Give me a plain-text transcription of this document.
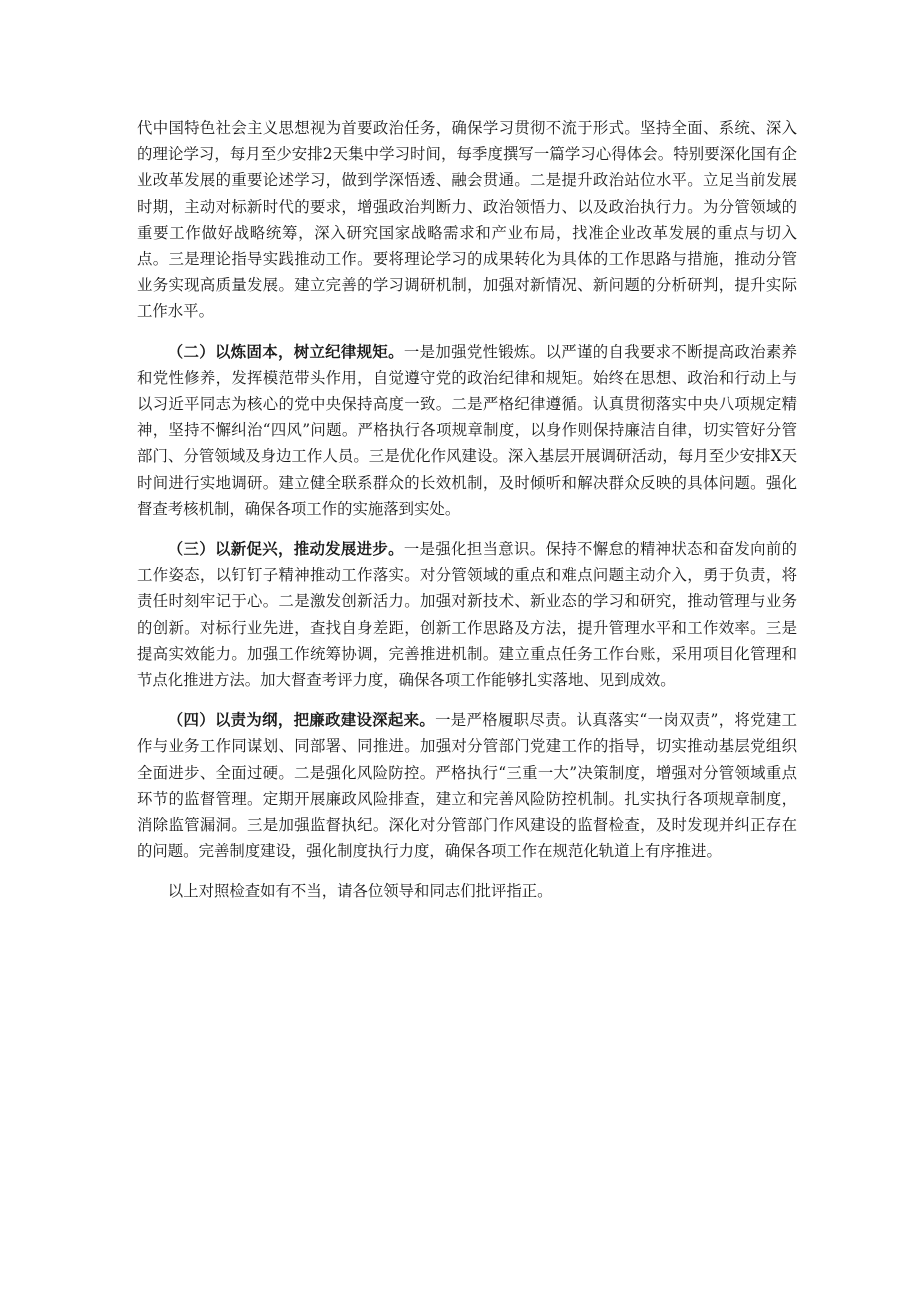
代中国特色社会主义思想视为首要政治任务，确保学习贯彻不流于形式。坚持全面、系统、深入的理论学习，每月至少安排2天集中学习时间，每季度撰写一篇学习心得体会。特别要深化国有企业改革发展的重要论述学习，做到学深悟透、融会贯通。二是提升政治站位水平。立足当前发展时期，主动对标新时代的要求，增强政治判断力、政治领悟力、以及政治执行力。为分管领域的重要工作做好战略统筹，深入研究国家战略需求和产业布局，找准企业改革发展的重点与切入点。三是理论指导实践推动工作。要将理论学习的成果转化为具体的工作思路与措施，推动分管业务实现高质量发展。建立完善的学习调研机制，加强对新情况、新问题的分析研判，提升实际工作水平。

（二）以炼固本，树立纪律规矩。一是加强党性锻炼。以严谨的自我要求不断提高政治素养和党性修养，发挥模范带头作用，自觉遵守党的政治纪律和规矩。始终在思想、政治和行动上与以习近平同志为核心的党中央保持高度一致。二是严格纪律遵循。认真贯彻落实中央八项规定精神，坚持不懈纠治“四风”问题。严格执行各项规章制度，以身作则保持廉洁自律，切实管好分管部门、分管领域及身边工作人员。三是优化作风建设。深入基层开展调研活动，每月至少安排X天时间进行实地调研。建立健全联系群众的长效机制，及时倾听和解决群众反映的具体问题。强化督查考核机制，确保各项工作的实施落到实处。

（三）以新促兴，推动发展进步。一是强化担当意识。保持不懈怠的精神状态和奋发向前的工作姿态，以钉钉子精神推动工作落实。对分管领域的重点和难点问题主动介入，勇于负责，将责任时刻牢记于心。二是激发创新活力。加强对新技术、新业态的学习和研究，推动管理与业务的创新。对标行业先进，查找自身差距，创新工作思路及方法，提升管理水平和工作效率。三是提高实效能力。加强工作统筹协调，完善推进机制。建立重点任务工作台账，采用项目化管理和节点化推进方法。加大督查考评力度，确保各项工作能够扎实落地、见到成效。

（四）以责为纲，把廉政建设深起来。一是严格履职尽责。认真落实“一岗双责”，将党建工作与业务工作同谋划、同部署、同推进。加强对分管部门党建工作的指导，切实推动基层党组织全面进步、全面过硬。二是强化风险防控。严格执行“三重一大”决策制度，增强对分管领域重点环节的监督管理。定期开展廉政风险排查，建立和完善风险防控机制。扎实执行各项规章制度，消除监管漏洞。三是加强监督执纪。深化对分管部门作风建设的监督检查，及时发现并纠正存在的问题。完善制度建设，强化制度执行力度，确保各项工作在规范化轨道上有序推进。

以上对照检查如有不当，请各位领导和同志们批评指正。
